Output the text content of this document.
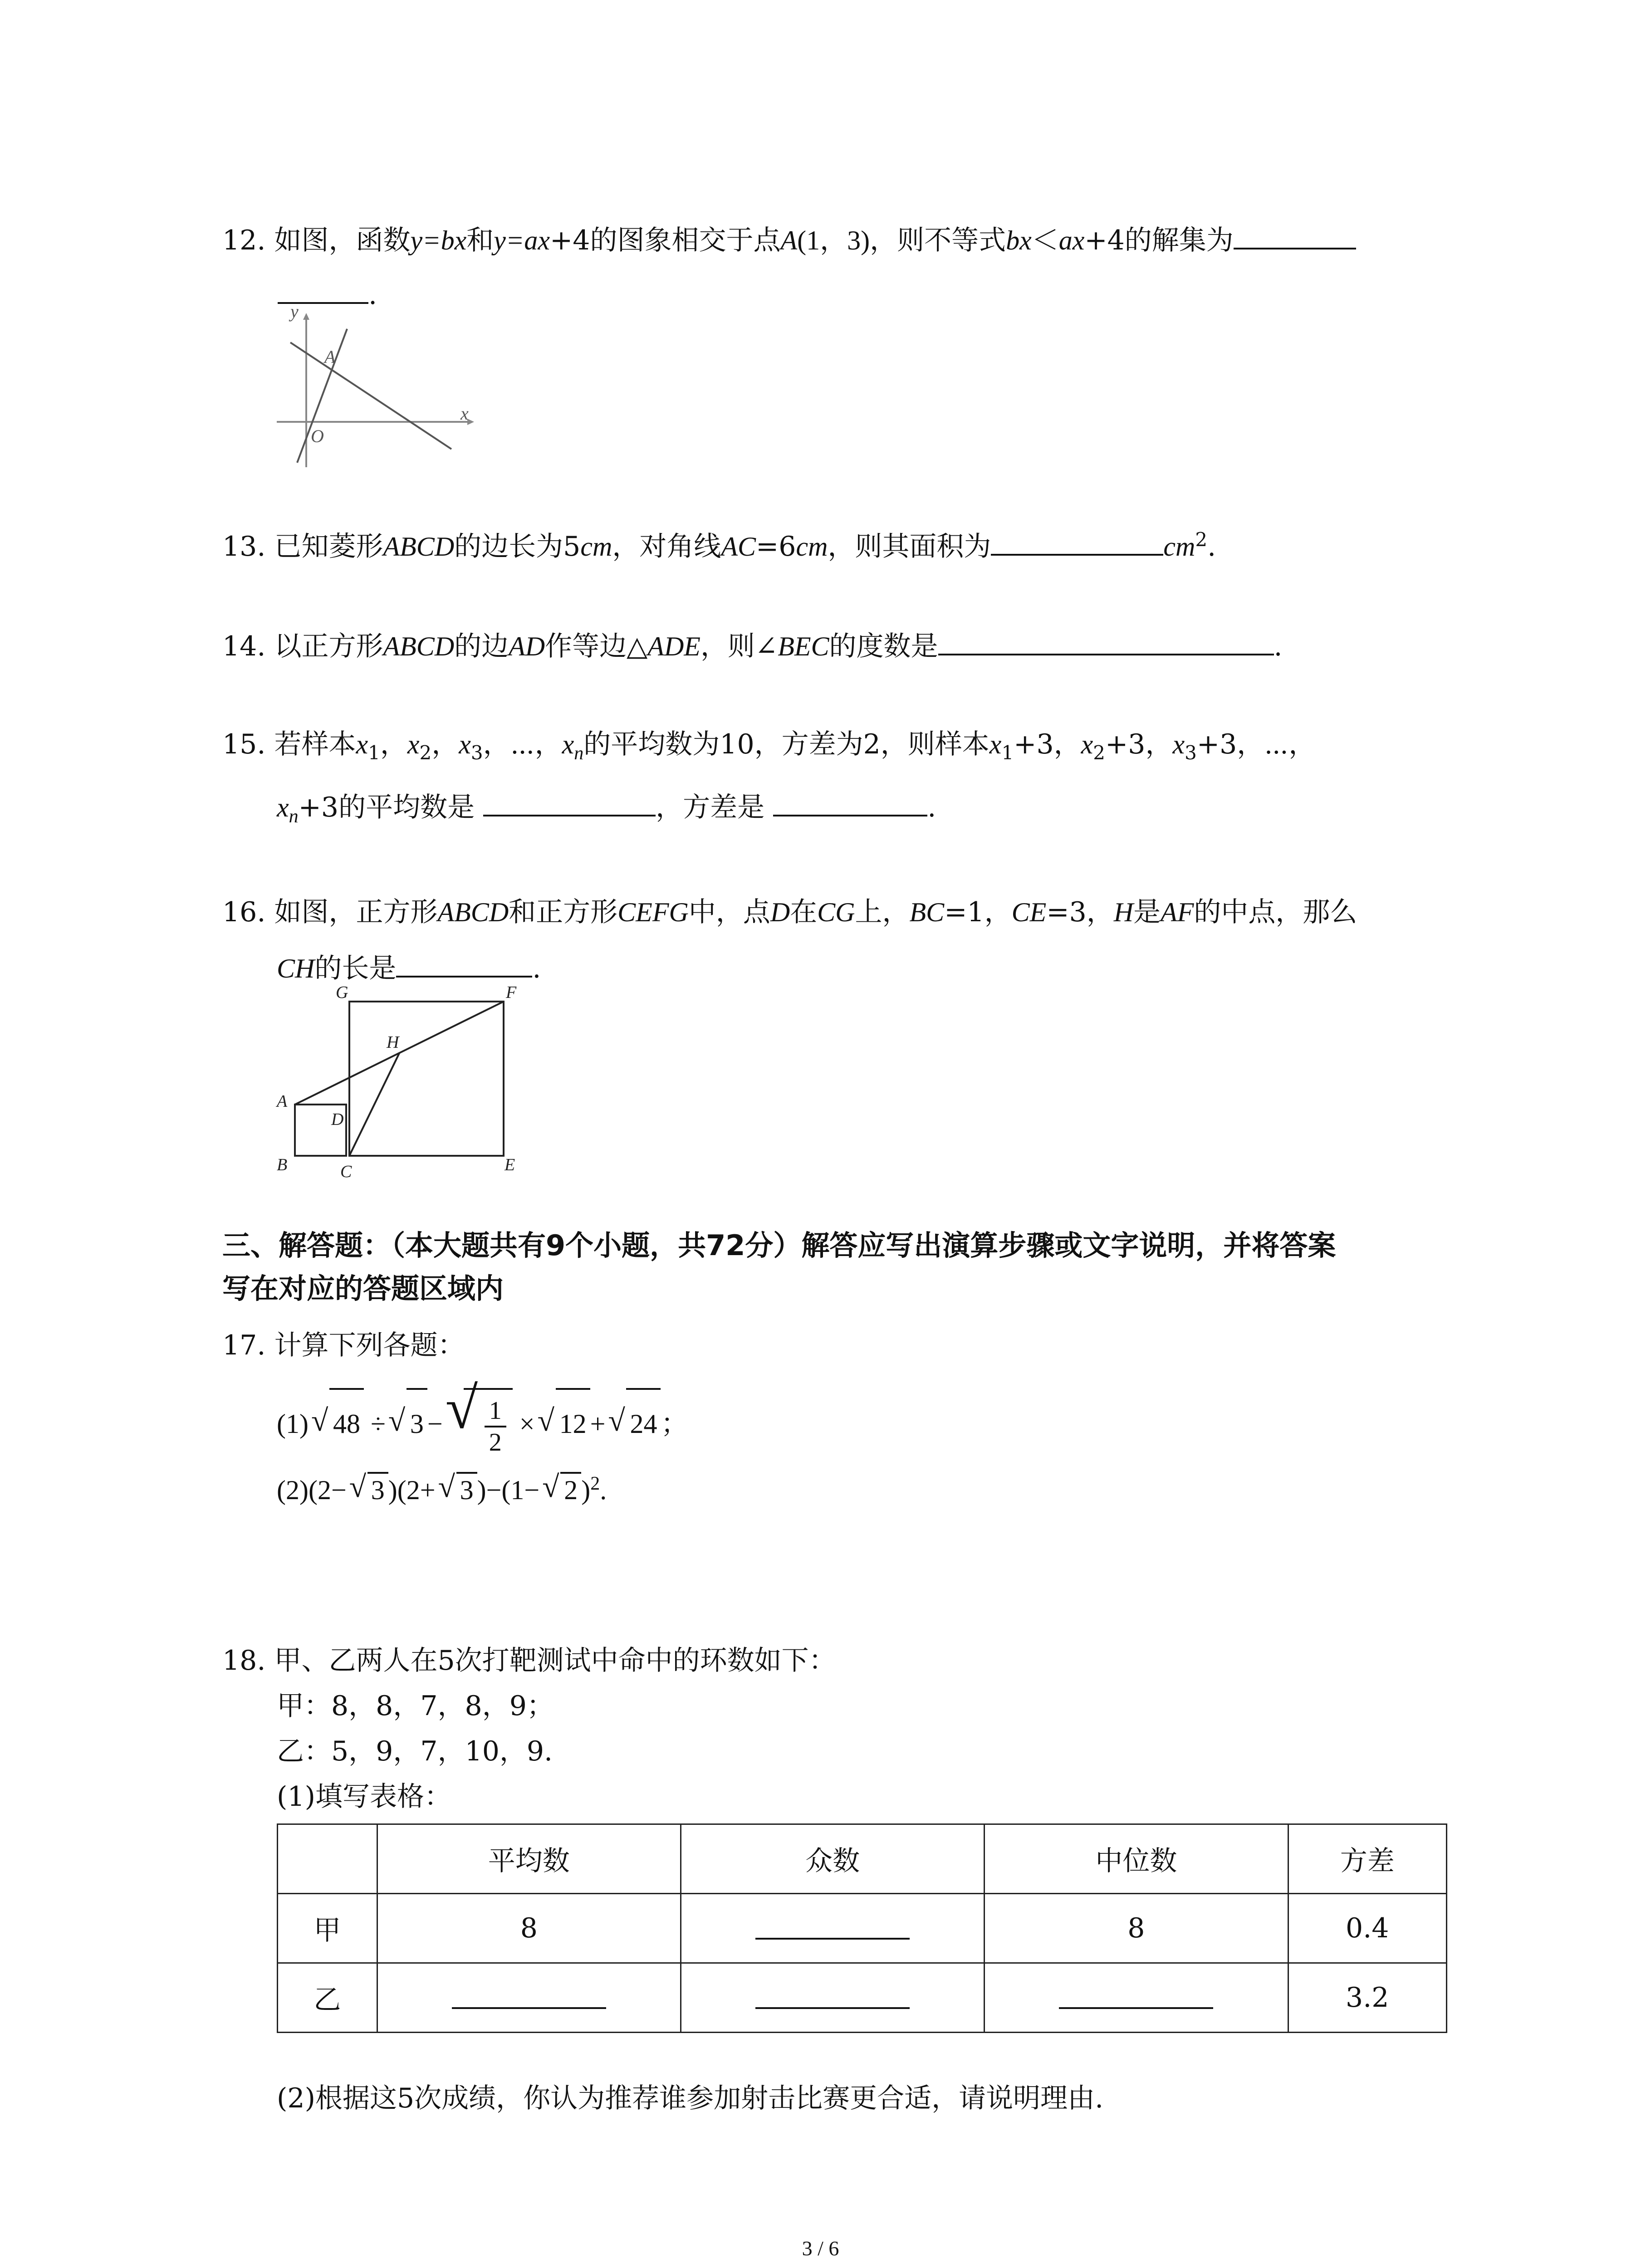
12. 如图，函数y=bx和y=ax+4的图象相交于点A(1，3)，则不等式bx＜ax+4的解集为
.
y
x
O
A
13. 已知菱形ABCD的边长为5cm，对角线AC=6cm，则其面积为	$cm^2$.
14. 以正方形ABCD的边AD作等边△ADE，则∠BEC的度数是	.
15. 若样本$x_1$，$x_2$，$x_3$，⋯，$x_n$的平均数为10，方差为2，则样本$x_1+3$，$x_2+3$，$x_3+3$，⋯，
$x_n+3$的平均数是	，方差是	.
16. 如图，正方形ABCD和正方形CEFG中，点D在CG上，BC=1，CE=3，H是AF的中点，那么
CH的长是	.
G	F
H
A
D
B	C	E
三、解答题：（本大题共有9个小题，共72分）解答应写出演算步骤或文字说明，并将答案
写在对应的答题区域内
17. 计算下列各题：
(1) √ 48 ÷ √ 3 − √ $\frac{1}{2}$ × √ 12 + √ 24 ；
(2)(2− √ 3 )(2+ √ 3 )−(1− √ 2 )$^2$.
18. 甲、乙两人在5次打靶测试中命中的环数如下：
甲：8，8，7，8，9；
乙：5，9，7，10，9.
(1)填写表格：
	平均数	众数	中位数	方差
甲	8		8	0.4
乙				3.2
(2)根据这5次成绩，你认为推荐谁参加射击比赛更合适，请说明理由.
3 / 6
